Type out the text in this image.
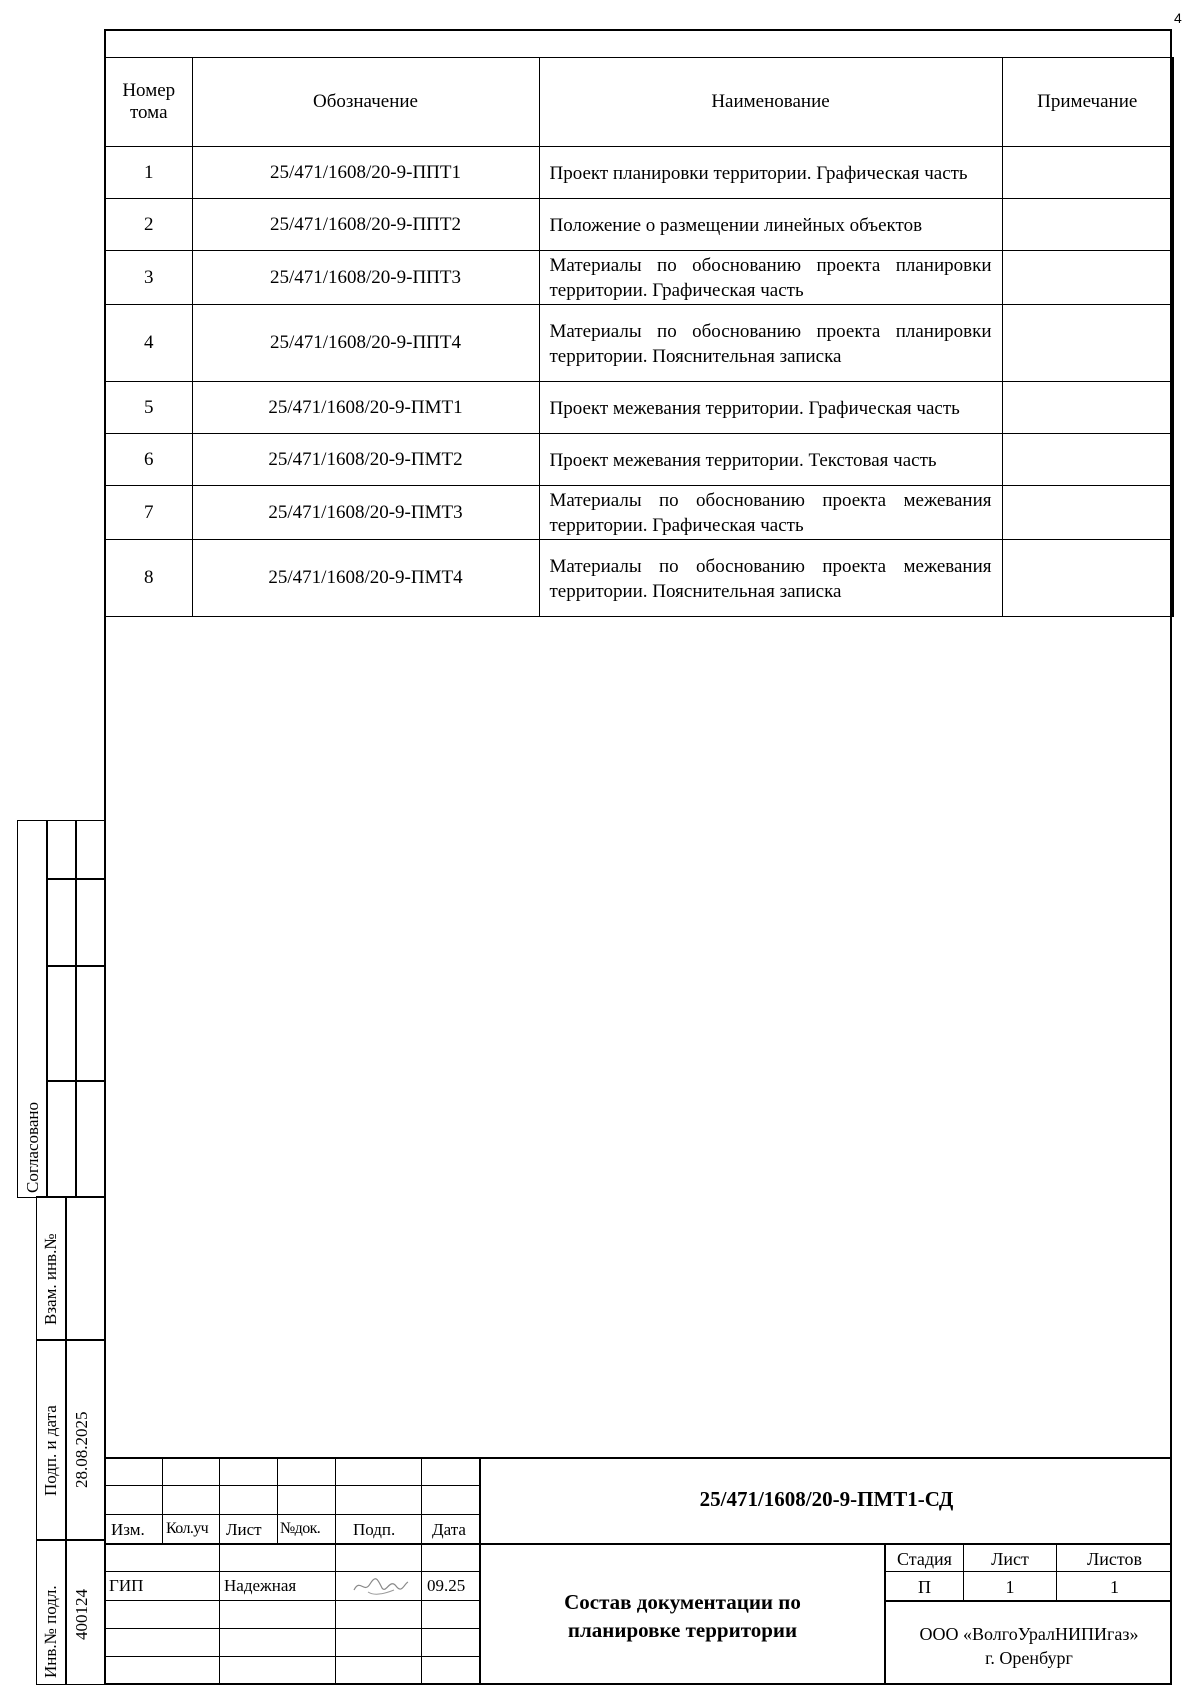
4
Номер тома	Обозначение	Наименование	Примечание
1	25/471/1608/20-9-ППТ1	Проект планировки территории. Графическая часть	
2	25/471/1608/20-9-ППТ2	Положение о размещении линейных объектов	
3	25/471/1608/20-9-ППТ3	Материалы по обоснованию проекта планировки территории. Графическая часть	
4	25/471/1608/20-9-ППТ4	Материалы по обоснованию проекта планировки территории. Пояснительная записка	
5	25/471/1608/20-9-ПМТ1	Проект межевания территории. Графическая часть	
6	25/471/1608/20-9-ПМТ2	Проект межевания территории. Текстовая часть	
7	25/471/1608/20-9-ПМТ3	Материалы по обоснованию проекта межевания территории. Графическая часть	
8	25/471/1608/20-9-ПМТ4	Материалы по обоснованию проекта межевания территории. Пояснительная записка	
Согласовано
Взам. инв.№
Подп. и дата 28.08.2025
Инв.№ подл. 400124
Изм. Кол.уч Лист №док. Подп. Дата
ГИП	Надежная	09.25
25/471/1608/20-9-ПМТ1-СД
Состав документации по
планировке территории
Стадия	Лист	Листов
П	1	1
ООО «ВолгоУралНИПИгаз»
г. Оренбург
